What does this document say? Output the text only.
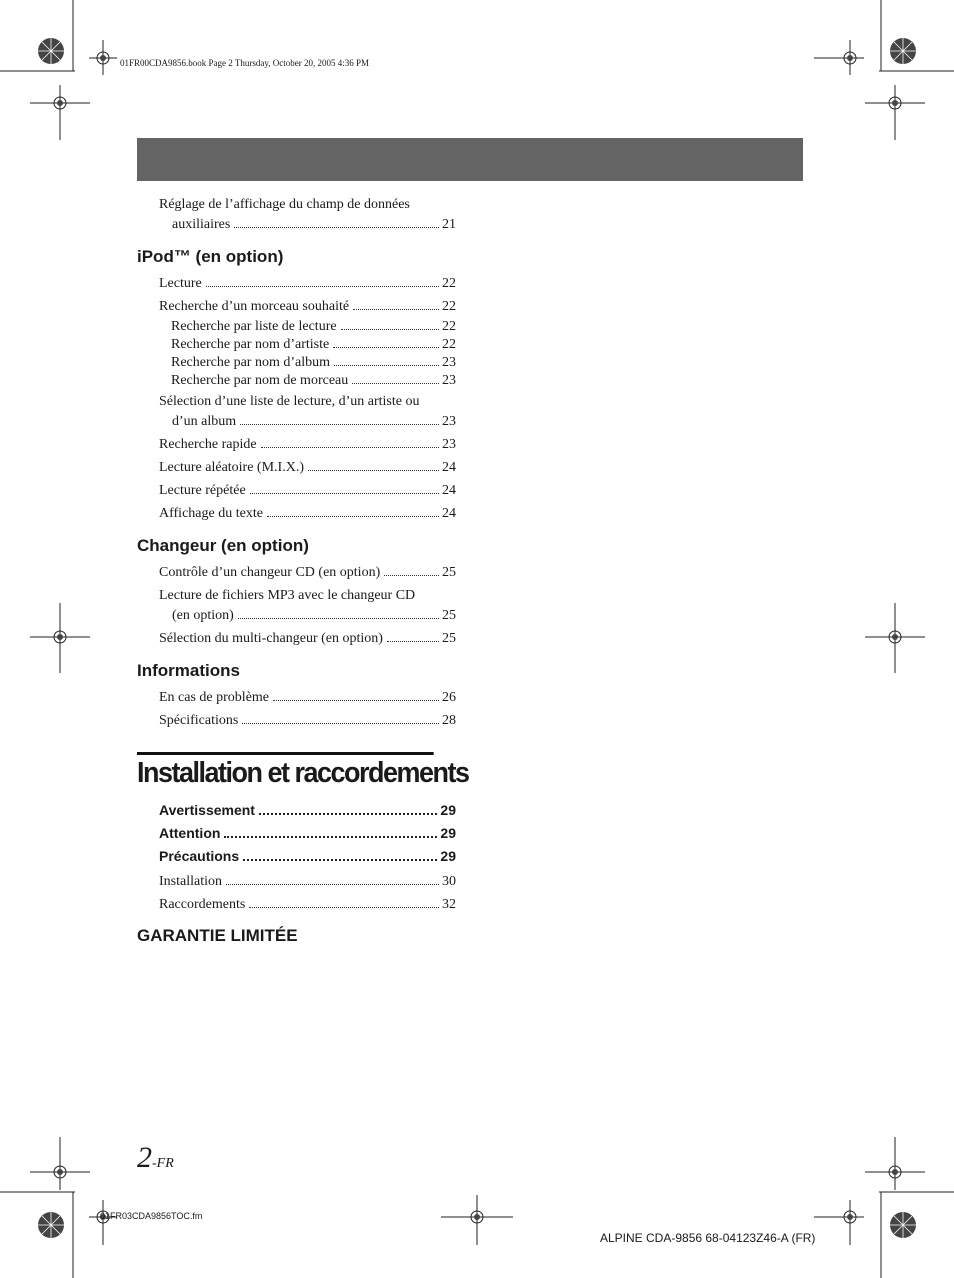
01FR00CDA9856.book Page 2 Thursday, October 20, 2005 4:36 PM
Réglage de l’affichage du champ de données
auxiliaires	21
iPod™ (en option)
Lecture	22
Recherche d’un morceau souhaité	22
Recherche par liste de lecture	22
Recherche par nom d’artiste	22
Recherche par nom d’album	23
Recherche par nom de morceau	23
Sélection d’une liste de lecture, d’un artiste ou
d’un album	23
Recherche rapide	23
Lecture aléatoire (M.I.X.)	24
Lecture répétée	24
Affichage du texte	24
Changeur (en option)
Contrôle d’un changeur CD (en option)	25
Lecture de fichiers MP3 avec le changeur CD
(en option)	25
Sélection du multi-changeur (en option)	25
Informations
En cas de problème	26
Spécifications	28
Installation et raccordements
Avertissement	29
Attention	29
Précautions	29
Installation	30
Raccordements	32
GARANTIE LIMITÉE
2-FR
01FR03CDA9856TOC.fm
ALPINE CDA-9856 68-04123Z46-A (FR)
